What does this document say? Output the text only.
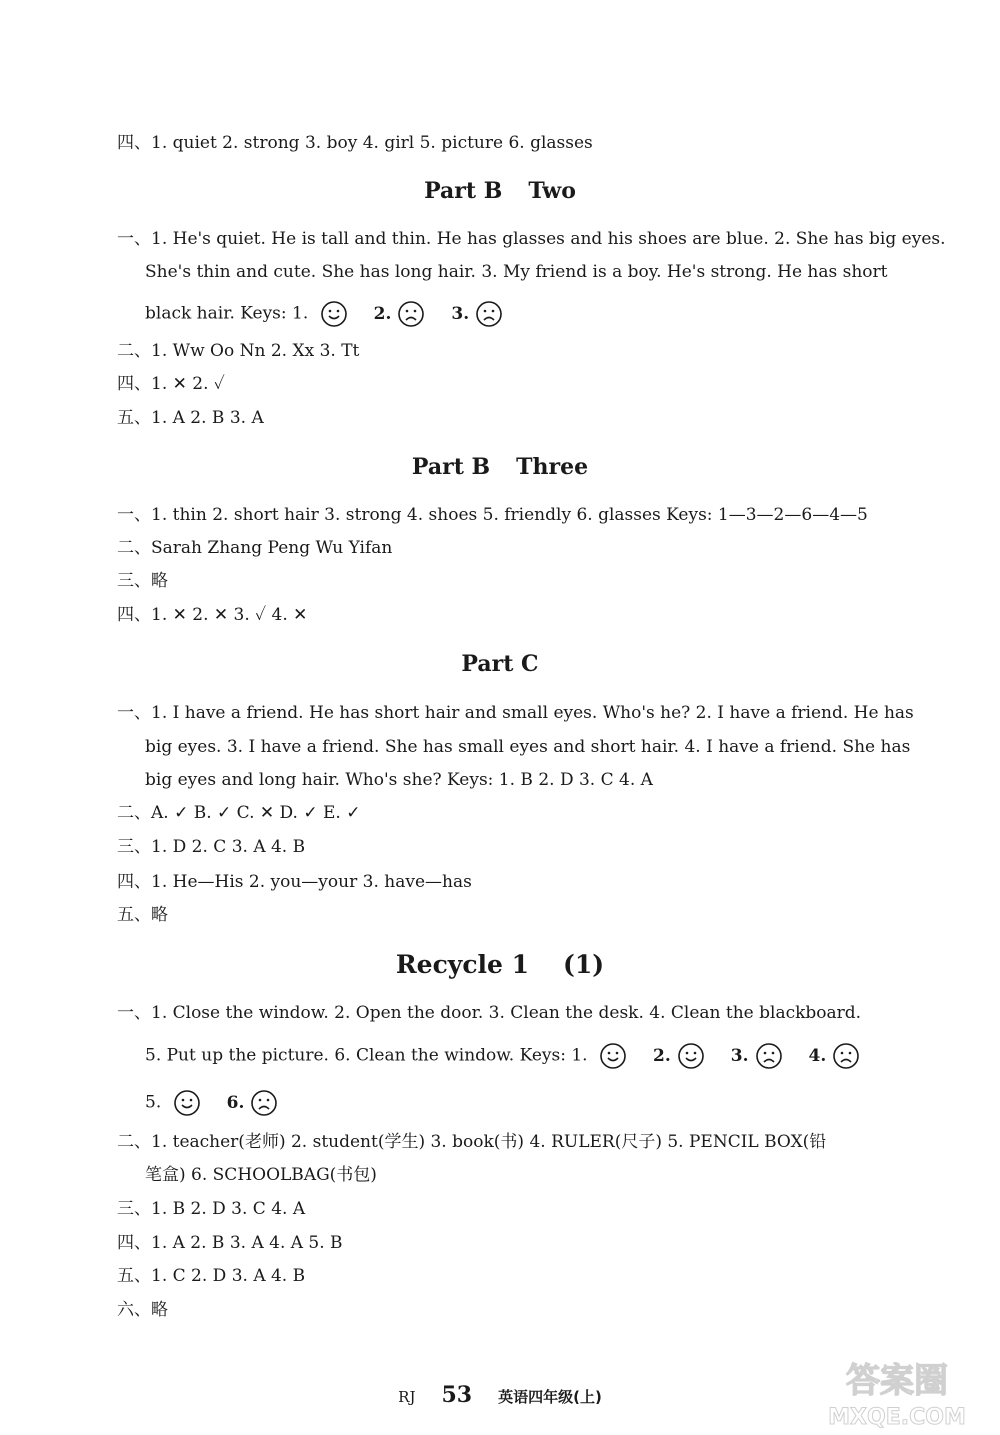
四、1. quiet 2. strong 3. boy 4. girl 5. picture 6. glasses
Part B Two
一、1. He's quiet. He is tall and thin. He has glasses and his shoes are blue. 2. She has big eyes.
She's thin and cute. She has long hair. 3. My friend is a boy. He's strong. He has short
black hair. Keys: 1.	2.	3.
二、1. Ww Oo Nn 2. Xx 3. Tt
四、1. ✕ 2. ✓
五、1. A 2. B 3. A
Part B Three
一、1. thin 2. short hair 3. strong 4. shoes 5. friendly 6. glasses Keys: 1—3—2—6—4—5
二、Sarah Zhang Peng Wu Yifan
三、略
四、1. ✕ 2. ✕ 3. ✓ 4. ✕
Part C
一、1. I have a friend. He has short hair and small eyes. Who's he? 2. I have a friend. He has
big eyes. 3. I have a friend. She has small eyes and short hair. 4. I have a friend. She has
big eyes and long hair. Who's she? Keys: 1. B 2. D 3. C 4. A
二、A. ✓ B. ✓ C. ✕ D. ✓ E. ✓
三、1. D 2. C 3. A 4. B
四、1. He—His 2. you—your 3. have—has
五、略
Recycle 1 (1)
一、1. Close the window. 2. Open the door. 3. Clean the desk. 4. Clean the blackboard.
5. Put up the picture. 6. Clean the window. Keys: 1.	2.	3.	4.
5.	6.
二、1. teacher(老师) 2. student(学生) 3. book(书) 4. RULER(尺子) 5. PENCIL BOX(铅
笔盒) 6. SCHOOLBAG(书包)
三、1. B 2. D 3. C 4. A
四、1. A 2. B 3. A 4. A 5. B
五、1. C 2. D 3. A 4. B
六、略
RJ 53 英语四年级(上)	答案圈
MXQE.COM
